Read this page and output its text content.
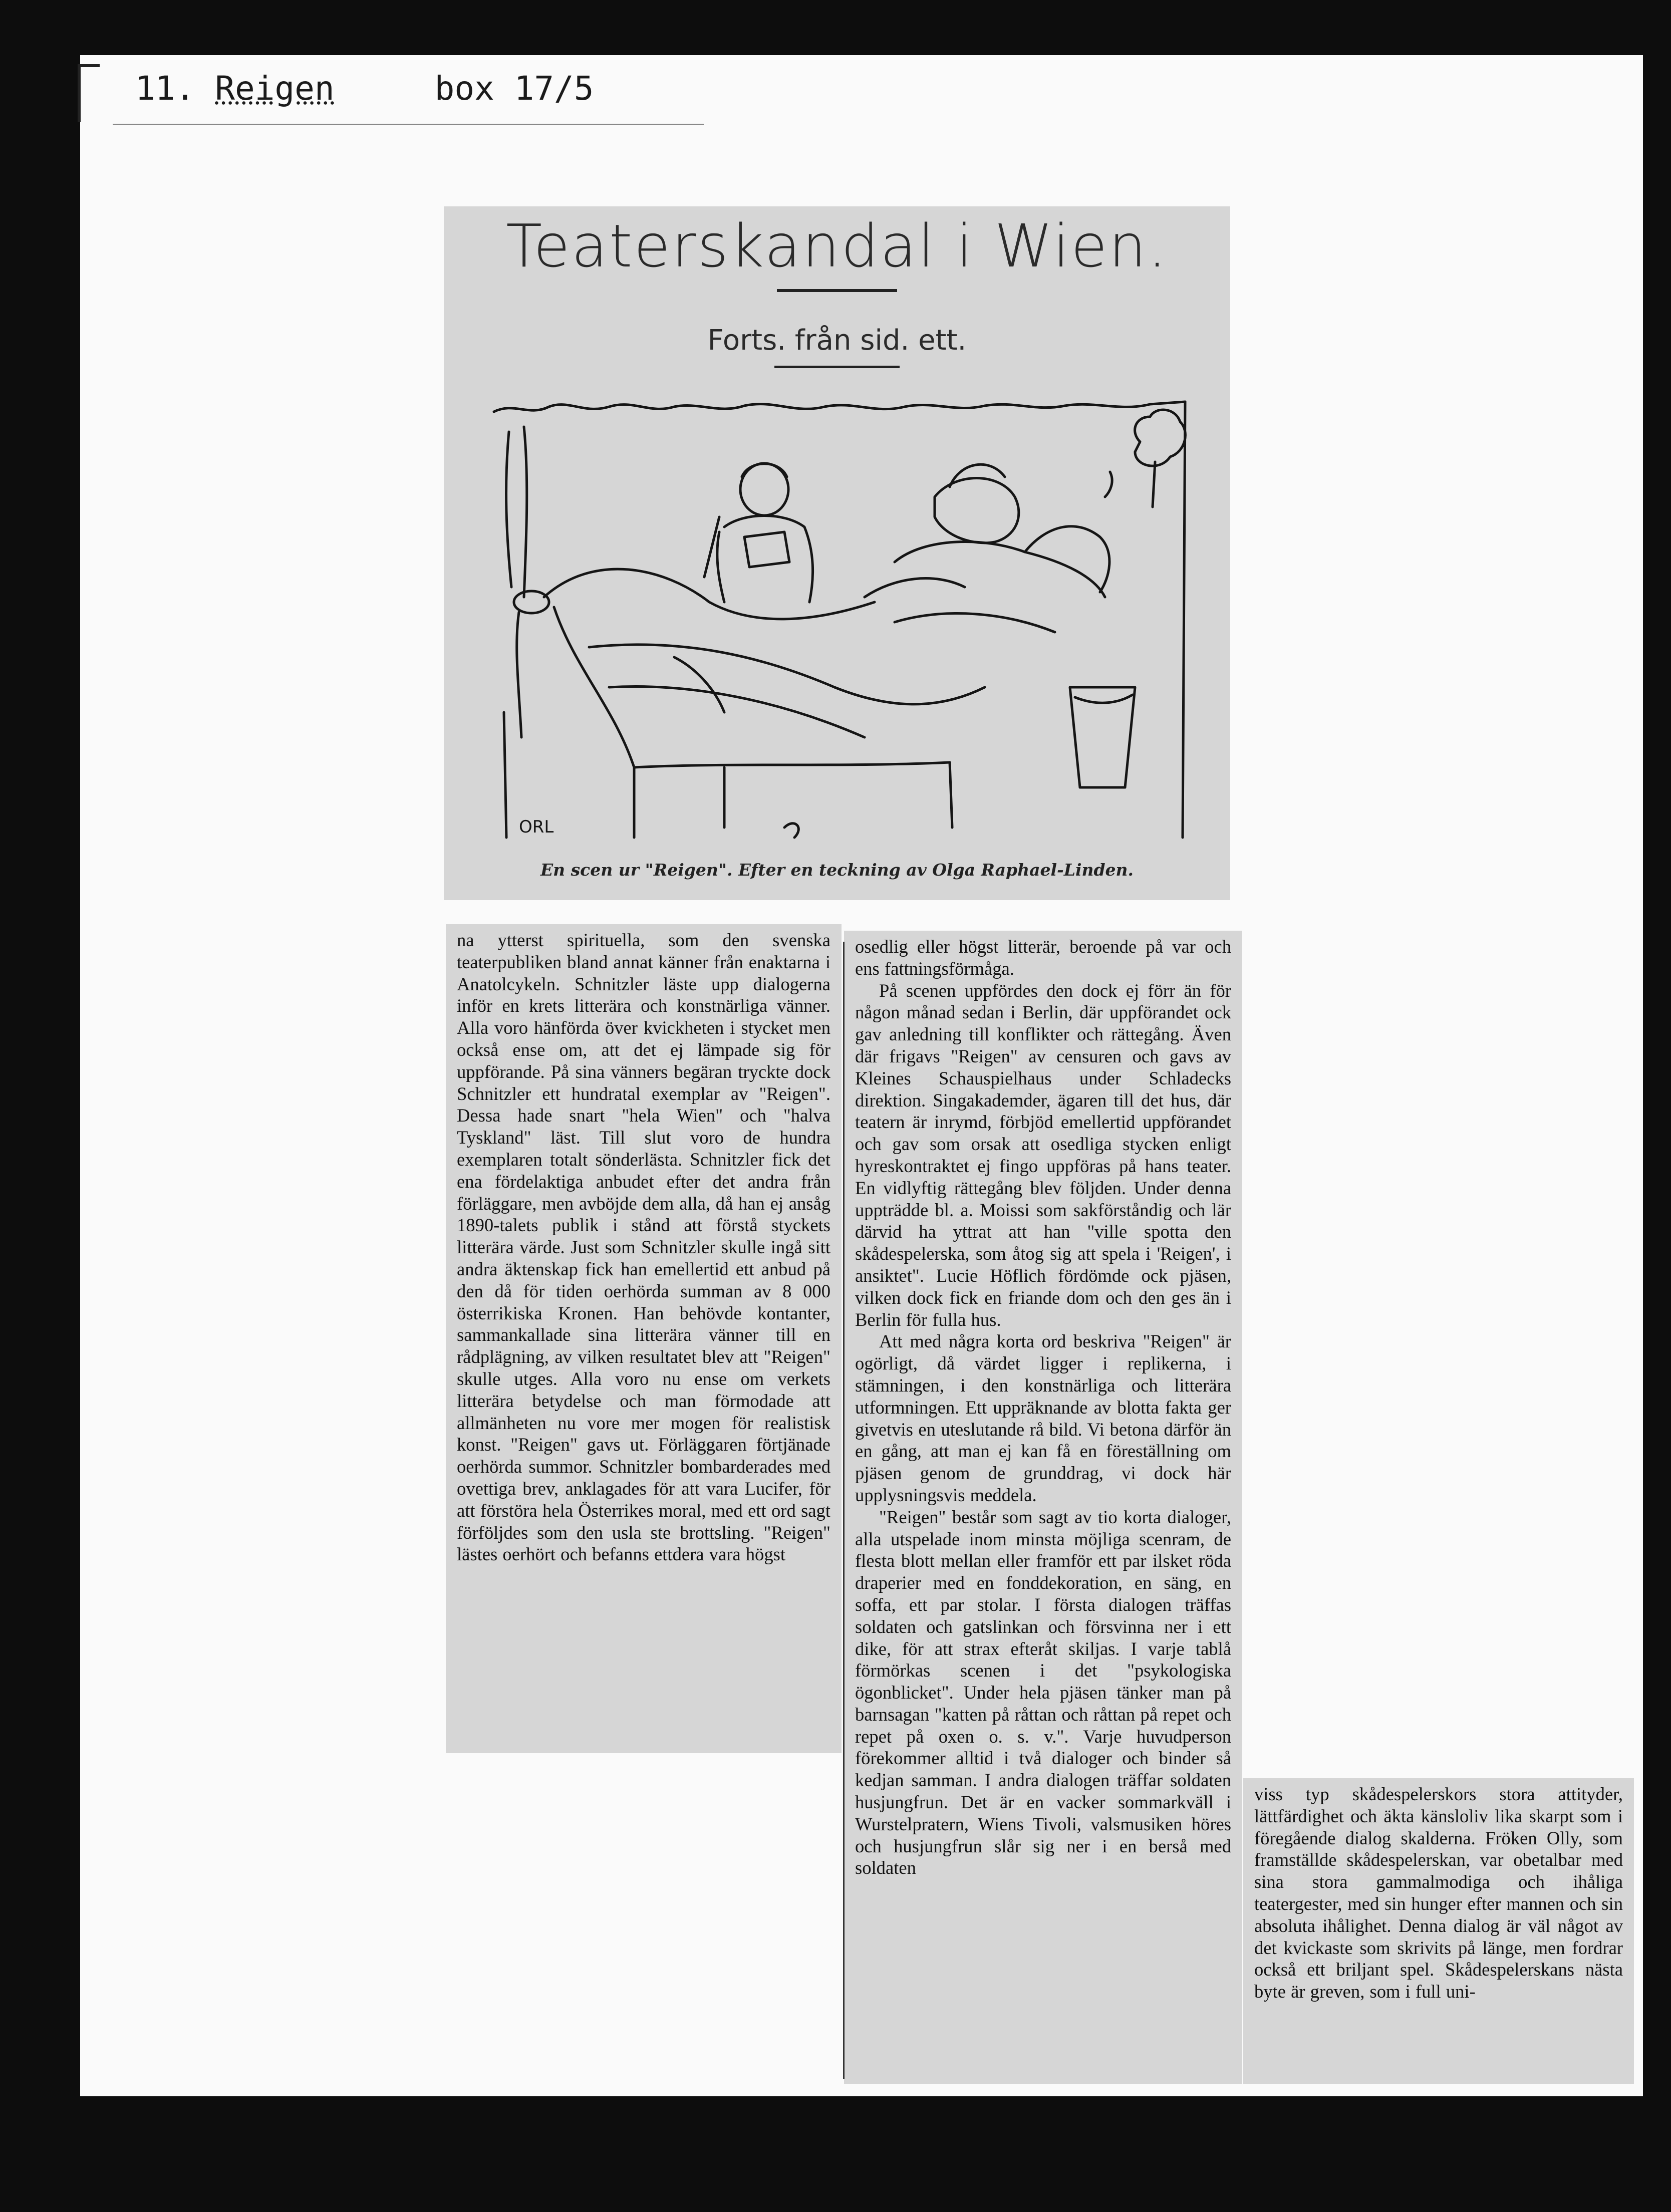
11. Reigen	box 17/5
Teaterskandal i Wien.
Forts. från sid. ett.
ORL
En scen ur "Reigen". Efter en teckning av Olga Raphael-Linden.

na ytterst spirituella, som den svenska teaterpubliken bland annat känner från enaktarna i Anatolcykeln. Schnitzler läste upp dialogerna inför en krets litterära och konstnärliga vänner. Alla voro hänförda över kvickheten i stycket men också ense om, att det ej lämpade sig för uppförande. På sina vänners begäran tryckte dock Schnitzler ett hundratal exemplar av "Reigen". Dessa hade snart "hela Wien" och "halva Tyskland" läst. Till slut voro de hundra exemplaren totalt sönderlästa. Schnitzler fick det ena fördelaktiga anbudet efter det andra från förläggare, men avböjde dem alla, då han ej ansåg 1890-talets publik i stånd att förstå styckets litterära värde. Just som Schnitzler skulle ingå sitt andra äktenskap fick han emellertid ett anbud på den då för tiden oerhörda summan av 8 000 österrikiska Kronen. Han behövde kontanter, sammankallade sina litterära vänner till en rådplägning, av vilken resultatet blev att "Reigen" skulle utges. Alla voro nu ense om verkets litterära betydelse och man förmodade att allmänheten nu vore mer mogen för realistisk konst. "Reigen" gavs ut. Förläggaren förtjänade oerhörda summor. Schnitzler bombarderades med ovettiga brev, anklagades för att vara Lucifer, för att förstöra hela Österrikes moral, med ett ord sagt förföljdes som den usla ste brottsling. "Reigen" lästes oerhört och befanns ettdera vara högst

osedlig eller högst litterär, beroende på var och ens fattningsförmåga.

På scenen uppfördes den dock ej förr än för någon månad sedan i Berlin, där uppförandet ock gav anledning till konflikter och rättegång. Även där frigavs "Reigen" av censuren och gavs av Kleines Schauspielhaus under Schladecks direktion. Singakademder, ägaren till det hus, där teatern är inrymd, förbjöd emellertid uppförandet och gav som orsak att osedliga stycken enligt hyreskontraktet ej fingo uppföras på hans teater. En vidlyftig rättegång blev följden. Under denna uppträdde bl. a. Moissi som sakförståndig och lär därvid ha yttrat att han "ville spotta den skådespelerska, som åtog sig att spela i 'Reigen', i ansiktet". Lucie Höflich fördömde ock pjäsen, vilken dock fick en friande dom och den ges än i Berlin för fulla hus.

Att med några korta ord beskriva "Reigen" är ogörligt, då värdet ligger i replikerna, i stämningen, i den konstnärliga och litterära utformningen. Ett uppräknande av blotta fakta ger givetvis en uteslutande rå bild. Vi betona därför än en gång, att man ej kan få en föreställning om pjäsen genom de grunddrag, vi dock här upplysningsvis meddela.

"Reigen" består som sagt av tio korta dialoger, alla utspelade inom minsta möjliga scenram, de flesta blott mellan eller framför ett par ilsket röda draperier med en fonddekoration, en säng, en soffa, ett par stolar. I första dialogen träffas soldaten och gatslinkan och försvinna ner i ett dike, för att strax efteråt skiljas. I varje tablå förmörkas scenen i det "psykologiska ögonblicket". Under hela pjäsen tänker man på barnsagan "katten på råttan och råttan på repet och repet på oxen o. s. v.". Varje huvudperson förekommer alltid i två dialoger och binder så kedjan samman. I andra dialogen träffar soldaten husjungfrun. Det är en vacker sommarkväll i Wurstelpratern, Wiens Tivoli, valsmusiken höres och husjungfrun slår sig ner i en berså med soldaten

viss typ skådespelerskors stora attityder, lättfärdighet och äkta känsloliv lika skarpt som i föregående dialog skalderna. Fröken Olly, som framställde skådespelerskan, var obetalbar med sina stora gammalmodiga och ihåliga teatergester, med sin hunger efter mannen och sin absoluta ihålighet. Denna dialog är väl något av det kvickaste som skrivits på länge, men fordrar också ett briljant spel. Skådespelerskans nästa byte är greven, som i full uni-
